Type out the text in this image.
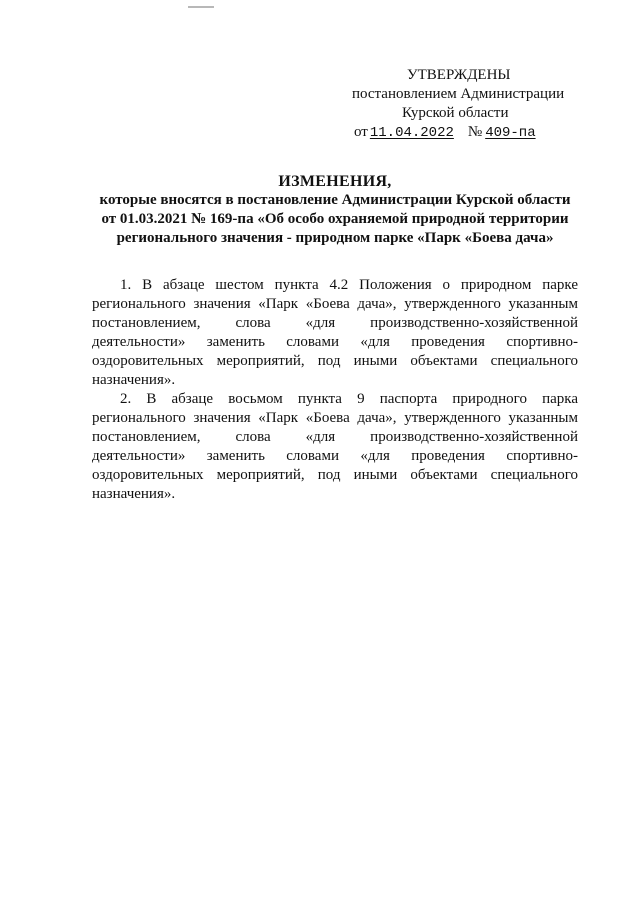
УТВЕРЖДЕНЫ
постановлением Администрации
Курской области
от 11.04.2022 № 409-па
ИЗМЕНЕНИЯ,
которые вносятся в постановление Администрации Курской области
от 01.03.2021 № 169-па «Об особо охраняемой природной территории
регионального значения - природном парке «Парк «Боева дача»

1. В абзаце шестом пункта 4.2 Положения о природном парке регионального значения «Парк «Боева дача», утвержденного указанным постановлением, слова «для производственно-хозяйственной деятельности» заменить словами «для проведения спортивно-оздоровительных мероприятий, под иными объектами специального назначения».

2. В абзаце восьмом пункта 9 паспорта природного парка регионального значения «Парк «Боева дача», утвержденного указанным постановлением, слова «для производственно-хозяйственной деятельности» заменить словами «для проведения спортивно-оздоровительных мероприятий, под иными объектами специального назначения».
